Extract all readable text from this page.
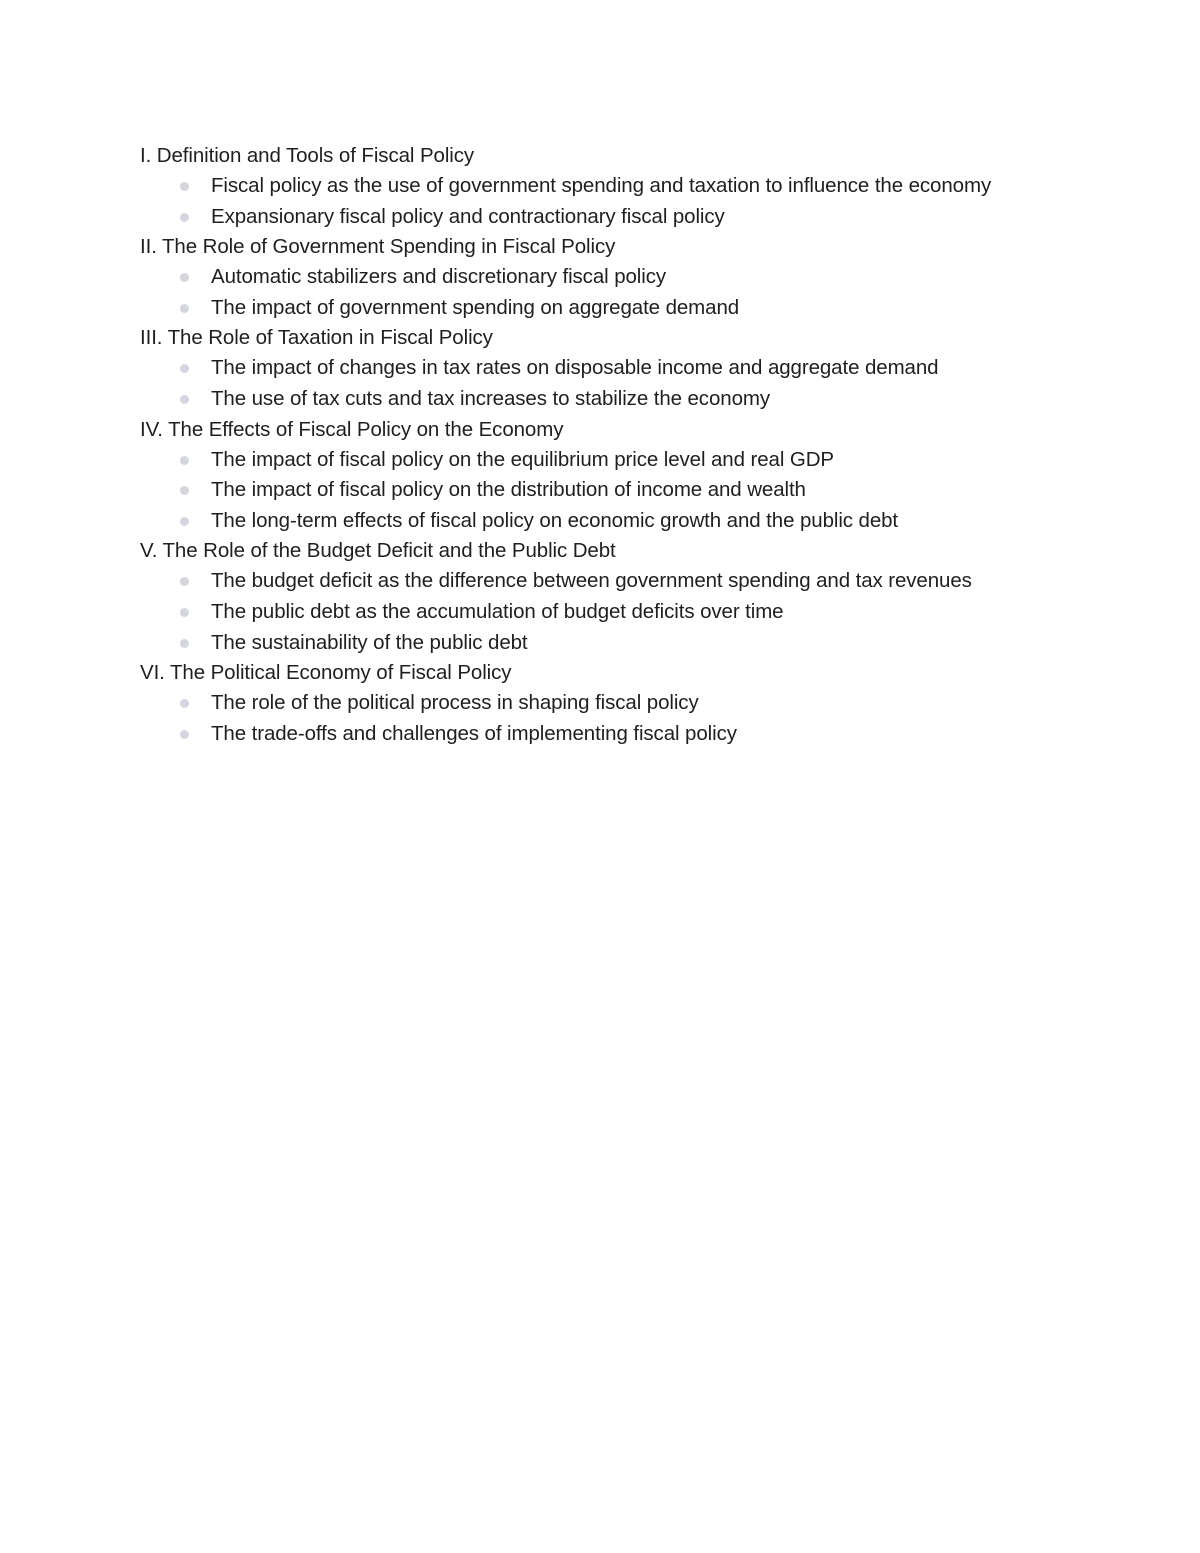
I. Definition and Tools of Fiscal Policy
Fiscal policy as the use of government spending and taxation to influence the economy
Expansionary fiscal policy and contractionary fiscal policy
II. The Role of Government Spending in Fiscal Policy
Automatic stabilizers and discretionary fiscal policy
The impact of government spending on aggregate demand
III. The Role of Taxation in Fiscal Policy
The impact of changes in tax rates on disposable income and aggregate demand
The use of tax cuts and tax increases to stabilize the economy
IV. The Effects of Fiscal Policy on the Economy
The impact of fiscal policy on the equilibrium price level and real GDP
The impact of fiscal policy on the distribution of income and wealth
The long-term effects of fiscal policy on economic growth and the public debt
V. The Role of the Budget Deficit and the Public Debt
The budget deficit as the difference between government spending and tax revenues
The public debt as the accumulation of budget deficits over time
The sustainability of the public debt
VI. The Political Economy of Fiscal Policy
The role of the political process in shaping fiscal policy
The trade-offs and challenges of implementing fiscal policy
